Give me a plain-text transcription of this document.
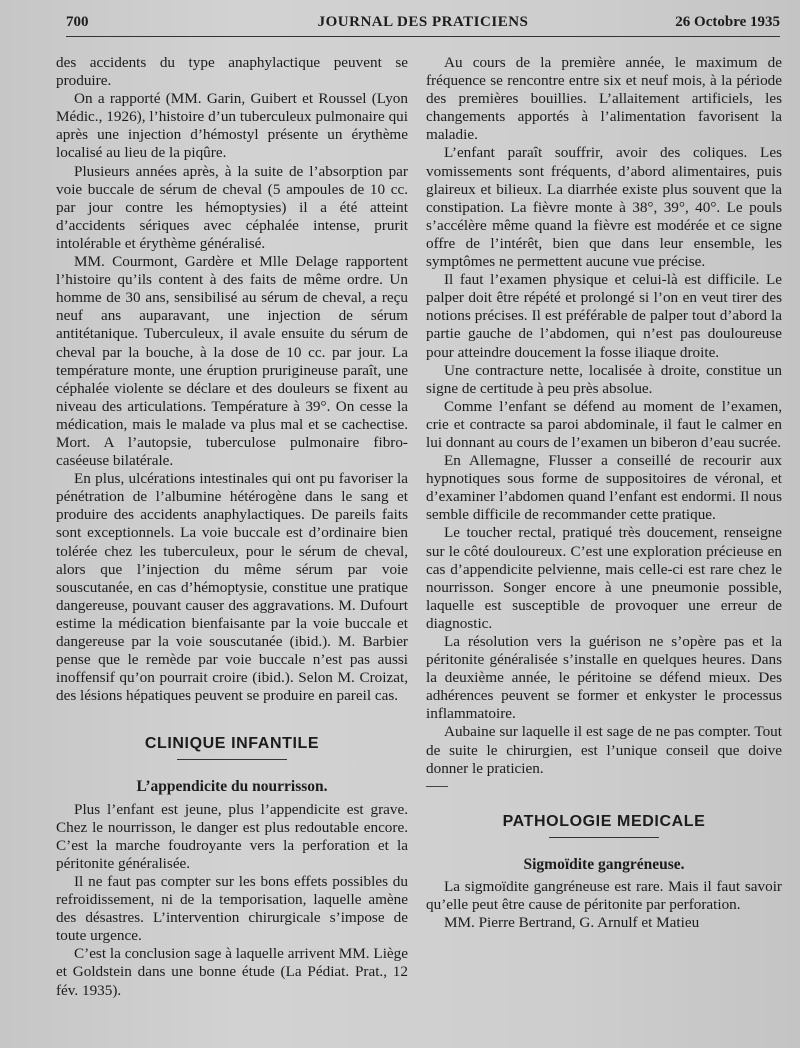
700	JOURNAL DES PRATICIENS	26 Octobre 1935

des accidents du type anaphylactique peuvent se produire.

On a rapporté (MM. Garin, Guibert et Roussel (Lyon Médic., 1926), l’histoire d’un tuberculeux pulmonaire qui après une injection d’hémostyl présente un érythème localisé au lieu de la piqûre.

Plusieurs années après, à la suite de l’absorption par voie buccale de sérum de cheval (5 ampoules de 10 cc. par jour contre les hémoptysies) il a été atteint d’accidents sériques avec céphalée intense, prurit intolérable et érythème généralisé.

MM. Courmont, Gardère et Mlle Delage rapportent l’histoire qu’ils content à des faits de même ordre. Un homme de 30 ans, sensibilisé au sérum de cheval, a reçu neuf ans auparavant, une injection de sérum antitétanique. Tuberculeux, il avale ensuite du sérum de cheval par la bouche, à la dose de 10 cc. par jour. La température monte, une éruption prurigineuse paraît, une céphalée violente se déclare et des douleurs se fixent au niveau des articulations. Température à 39°. On cesse la médication, mais le malade va plus mal et se cachectise. Mort. A l’autopsie, tuberculose pulmonaire fibro-caséeuse bilatérale.

En plus, ulcérations intestinales qui ont pu favoriser la pénétration de l’albumine hétérogène dans le sang et produire des accidents anaphylactiques. De pareils faits sont exceptionnels. La voie buccale est d’ordinaire bien tolérée chez les tuberculeux, pour le sérum de cheval, alors que l’injection du même sérum par voie souscutanée, en cas d’hémoptysie, constitue une pratique dangereuse, pouvant causer des aggravations. M. Dufourt estime la médication bienfaisante par la voie buccale et dangereuse par la voie souscutanée (ibid.). M. Barbier pense que le remède par voie buccale n’est pas aussi inoffensif qu’on pourrait croire (ibid.). Selon M. Croizat, des lésions hépatiques peuvent se produire en pareil cas.

CLINIQUE INFANTILE

L’appendicite du nourrisson.

Plus l’enfant est jeune, plus l’appendicite est grave. Chez le nourrisson, le danger est plus redoutable encore. C’est la marche foudroyante vers la perforation et la péritonite généralisée.

Il ne faut pas compter sur les bons effets possibles du refroidissement, ni de la temporisation, laquelle amène des désastres. L’intervention chirurgicale s’impose de toute urgence.

C’est la conclusion sage à laquelle arrivent MM. Liège et Goldstein dans une bonne étude (La Pédiat. Prat., 12 fév. 1935).

Au cours de la première année, le maximum de fréquence se rencontre entre six et neuf mois, à la période des premières bouillies. L’allaitement artificiels, les changements apportés à l’alimentation favorisent la maladie.

L’enfant paraît souffrir, avoir des coliques. Les vomissements sont fréquents, d’abord alimentaires, puis glaireux et bilieux. La diarrhée existe plus souvent que la constipation. La fièvre monte à 38°, 39°, 40°. Le pouls s’accélère même quand la fièvre est modérée et ce signe offre de l’intérêt, bien que dans leur ensemble, les symptômes ne permettent aucune vue précise.

Il faut l’examen physique et celui-là est difficile. Le palper doit être répété et prolongé si l’on en veut tirer des notions précises. Il est préférable de palper tout d’abord la partie gauche de l’abdomen, qui n’est pas douloureuse pour atteindre doucement la fosse iliaque droite.

Une contracture nette, localisée à droite, constitue un signe de certitude à peu près absolue.

Comme l’enfant se défend au moment de l’examen, crie et contracte sa paroi abdominale, il faut le calmer en lui donnant au cours de l’examen un biberon d’eau sucrée.

En Allemagne, Flusser a conseillé de recourir aux hypnotiques sous forme de suppositoires de véronal, et d’examiner l’abdomen quand l’enfant est endormi. Il nous semble difficile de recommander cette pratique.

Le toucher rectal, pratiqué très doucement, renseigne sur le côté douloureux. C’est une exploration précieuse en cas d’appendicite pelvienne, mais celle-ci est rare chez le nourrisson. Songer encore à une pneumonie possible, laquelle est susceptible de provoquer une erreur de diagnostic.

La résolution vers la guérison ne s’opère pas et la péritonite généralisée s’installe en quelques heures. Dans la deuxième année, le péritoine se défend mieux. Des adhérences peuvent se former et enkyster le processus inflammatoire.

Aubaine sur laquelle il est sage de ne pas compter. Tout de suite le chirurgien, est l’unique conseil que doive donner le praticien.

PATHOLOGIE MEDICALE

Sigmoïdite gangréneuse.

La sigmoïdite gangréneuse est rare. Mais il faut savoir qu’elle peut être cause de péritonite par perforation.

MM. Pierre Bertrand, G. Arnulf et Matieu
